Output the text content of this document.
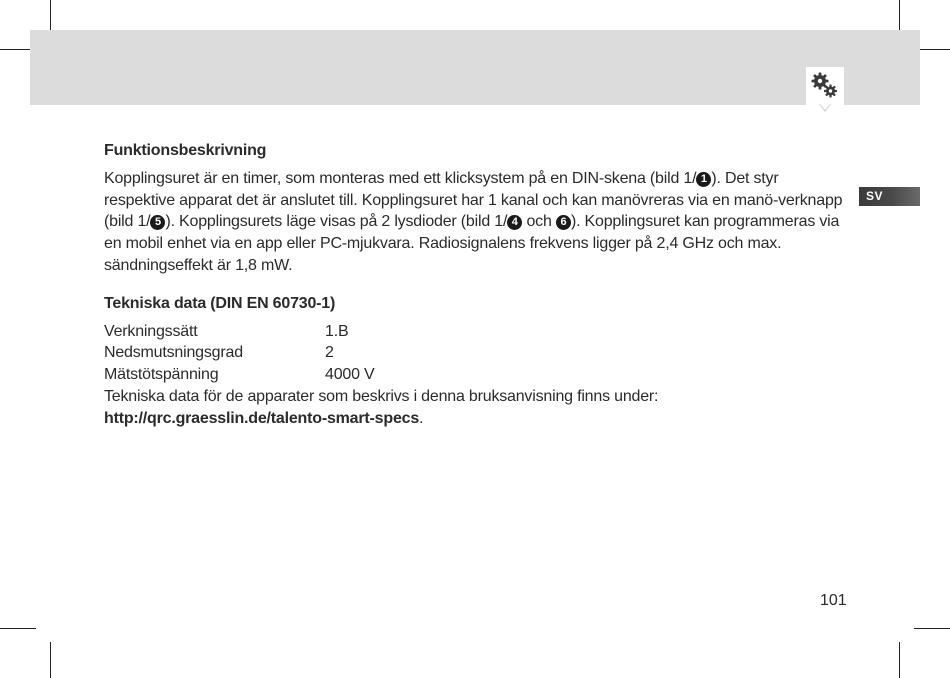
SV
Funktionsbeskrivning

Kopplingsuret är en timer, som monteras med ett klicksystem på en DIN-skena (bild 1/ 1 ). Det styr respektive apparat det är anslutet till. Kopplingsuret har 1 kanal och kan manövreras via en manö-verknapp (bild 1/ 5 ). Kopplingsurets läge visas på 2 lysdioder (bild 1/ 4 och 6 ). Kopplingsuret kan programmeras via en mobil enhet via en app eller PC-mjukvara. Radiosignalens frekvens ligger på 2,4 GHz och max. sändningseffekt är 1,8 mW.

Tekniska data (DIN EN 60730-1)
Verkningssätt	1.B
Nedsmutsningsgrad	2
Mätstötspänning	4000 V
Tekniska data för de apparater som beskrivs i denna bruksanvisning finns under:
http://qrc.graesslin.de/talento-smart-specs.
101
